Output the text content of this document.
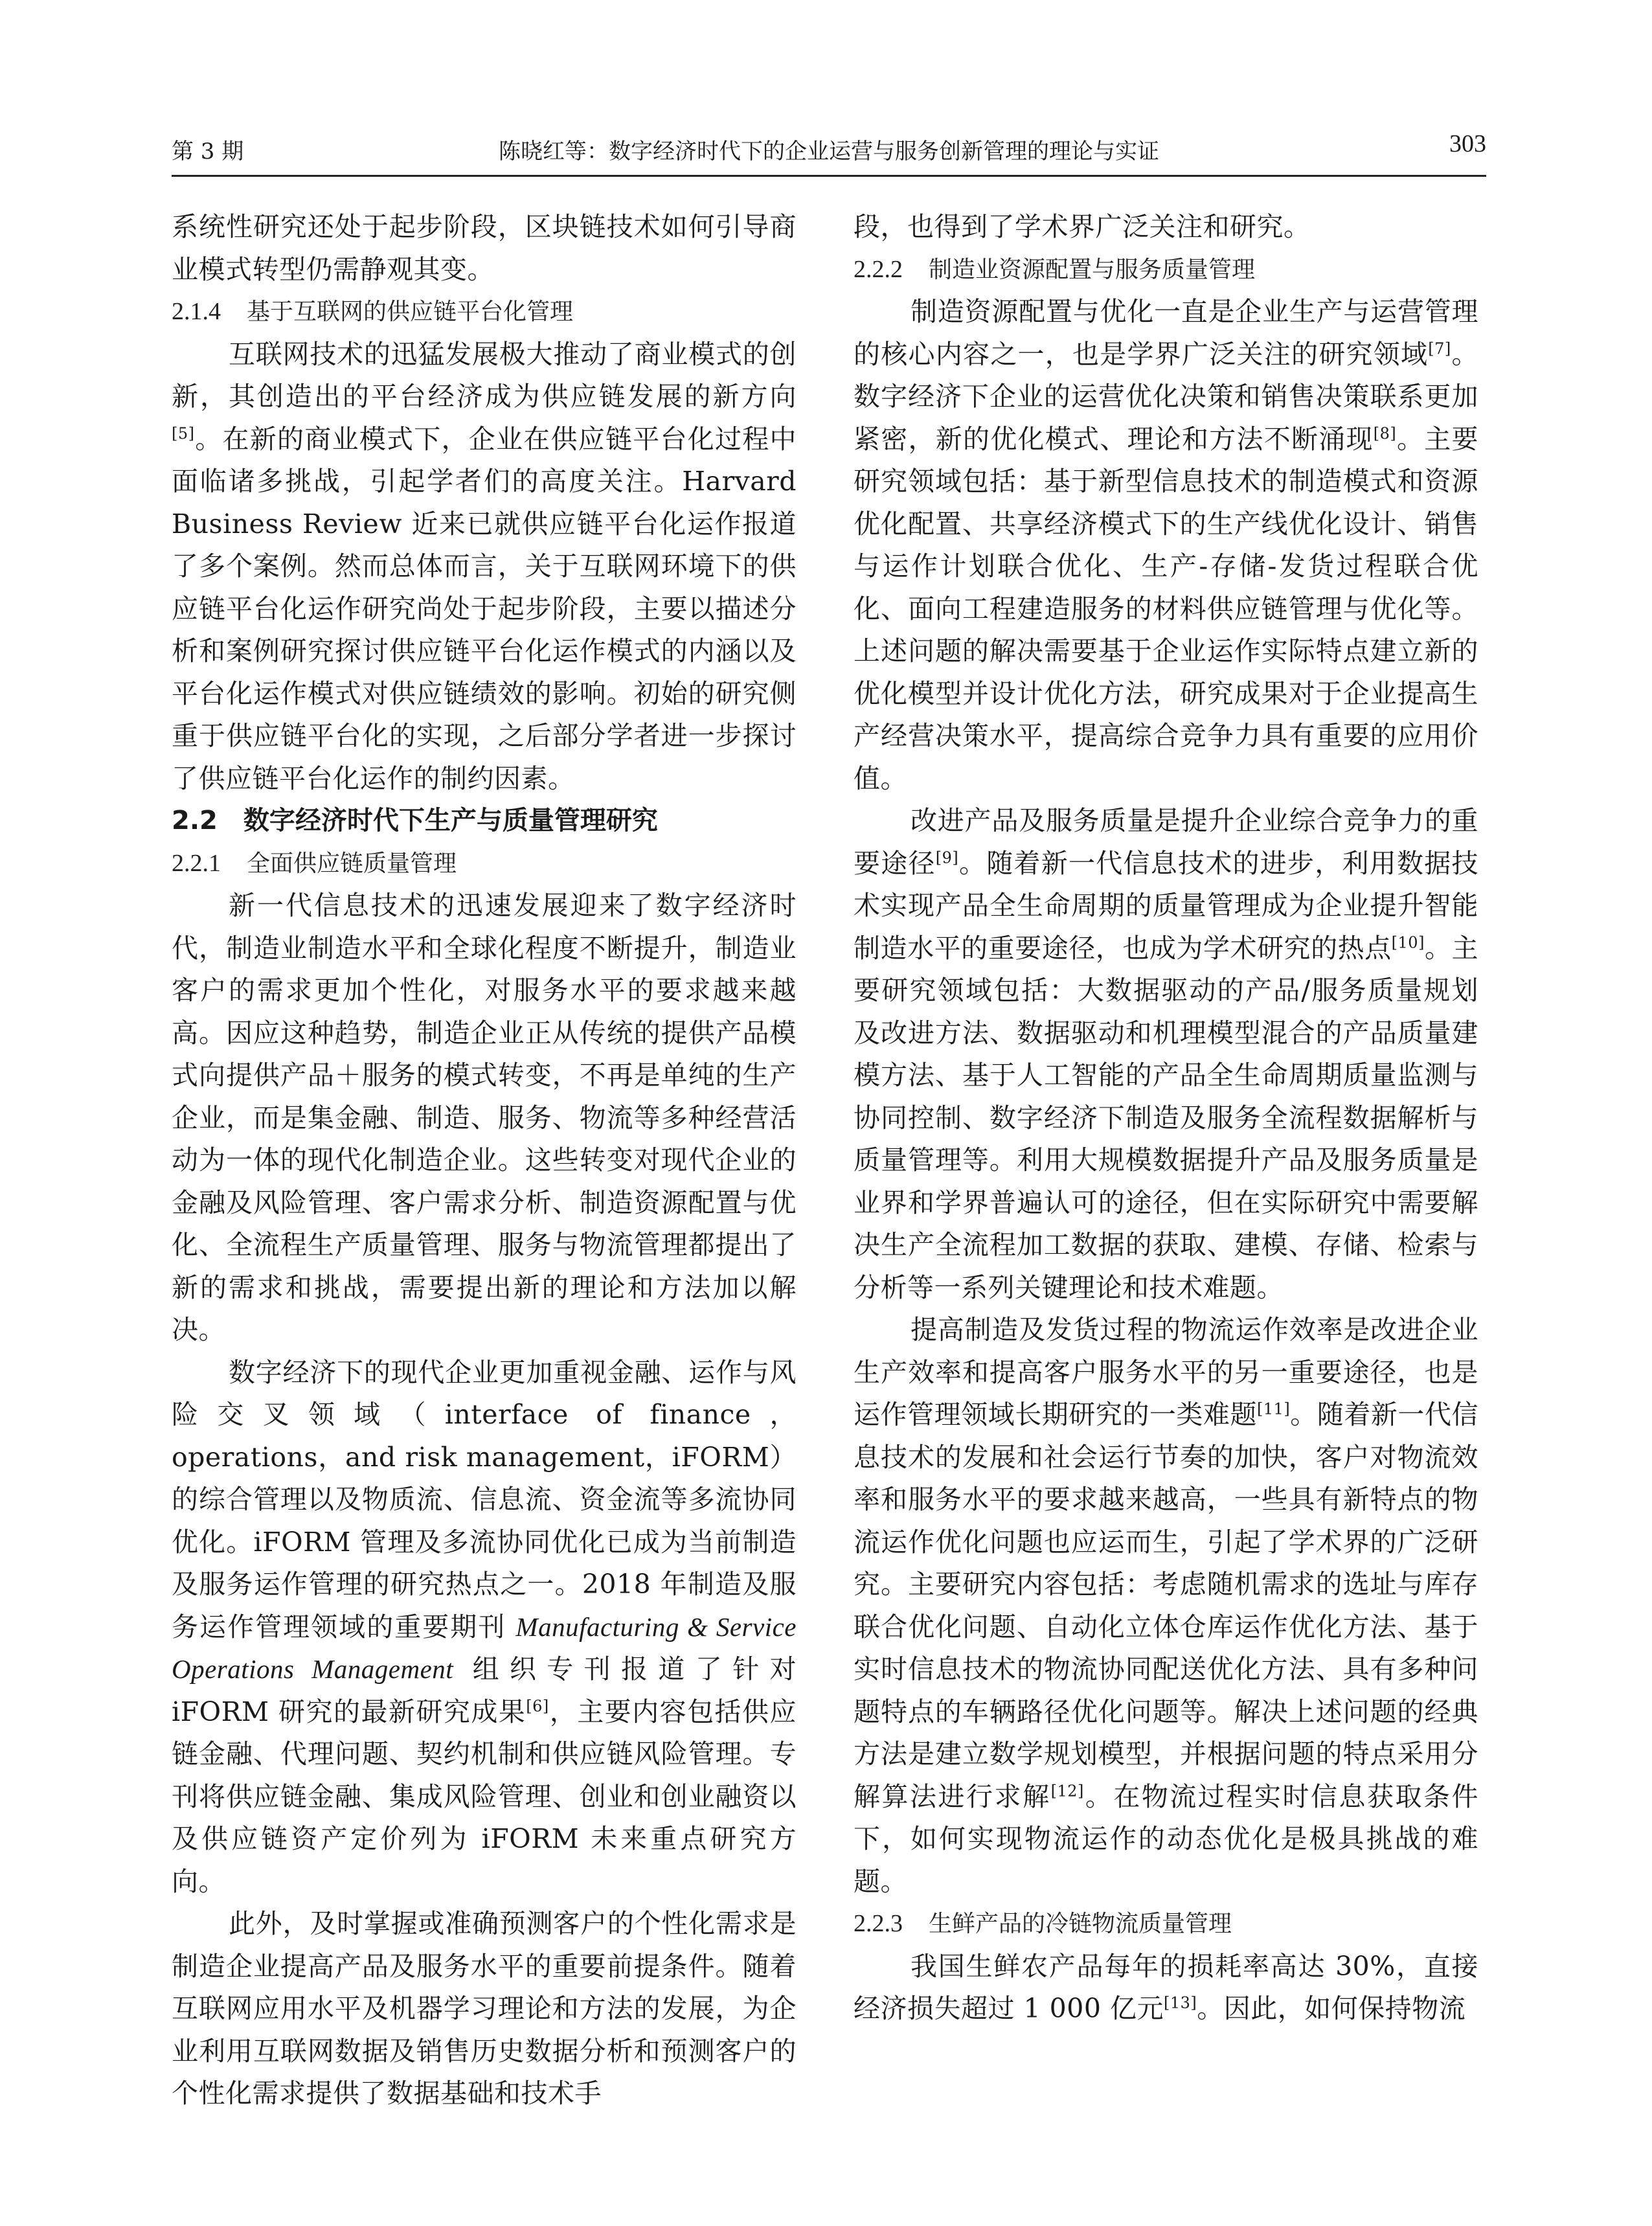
第 3 期	陈晓红等：数字经济时代下的企业运营与服务创新管理的理论与实证	303

系统性研究还处于起步阶段，区块链技术如何引导商业模式转型仍需静观其变。

2.1.4 基于互联网的供应链平台化管理

互联网技术的迅猛发展极大推动了商业模式的创新，其创造出的平台经济成为供应链发展的新方向[5]。在新的商业模式下，企业在供应链平台化过程中面临诸多挑战，引起学者们的高度关注。Harvard Business Review 近来已就供应链平台化运作报道了多个案例。然而总体而言，关于互联网环境下的供应链平台化运作研究尚处于起步阶段，主要以描述分析和案例研究探讨供应链平台化运作模式的内涵以及平台化运作模式对供应链绩效的影响。初始的研究侧重于供应链平台化的实现，之后部分学者进一步探讨了供应链平台化运作的制约因素。

2.2 数字经济时代下生产与质量管理研究

2.2.1 全面供应链质量管理

新一代信息技术的迅速发展迎来了数字经济时代，制造业制造水平和全球化程度不断提升，制造业客户的需求更加个性化，对服务水平的要求越来越高。因应这种趋势，制造企业正从传统的提供产品模式向提供产品＋服务的模式转变，不再是单纯的生产企业，而是集金融、制造、服务、物流等多种经营活动为一体的现代化制造企业。这些转变对现代企业的金融及风险管理、客户需求分析、制造资源配置与优化、全流程生产质量管理、服务与物流管理都提出了新的需求和挑战，需要提出新的理论和方法加以解决。

数字经济下的现代企业更加重视金融、运作与风险交叉领域（interface of finance，operations，and risk management，iFORM）的综合管理以及物质流、信息流、资金流等多流协同优化。iFORM 管理及多流协同优化已成为当前制造及服务运作管理的研究热点之一。2018 年制造及服务运作管理领域的重要期刊 Manufacturing & Service Operations Management 组织专刊报道了针对 iFORM 研究的最新研究成果[6]，主要内容包括供应链金融、代理问题、契约机制和供应链风险管理。专刊将供应链金融、集成风险管理、创业和创业融资以及供应链资产定价列为 iFORM 未来重点研究方向。

此外，及时掌握或准确预测客户的个性化需求是制造企业提高产品及服务水平的重要前提条件。随着互联网应用水平及机器学习理论和方法的发展，为企业利用互联网数据及销售历史数据分析和预测客户的个性化需求提供了数据基础和技术手

段，也得到了学术界广泛关注和研究。

2.2.2 制造业资源配置与服务质量管理

制造资源配置与优化一直是企业生产与运营管理的核心内容之一，也是学界广泛关注的研究领域[7]。数字经济下企业的运营优化决策和销售决策联系更加紧密，新的优化模式、理论和方法不断涌现[8]。主要研究领域包括：基于新型信息技术的制造模式和资源优化配置、共享经济模式下的生产线优化设计、销售与运作计划联合优化、生产-存储-发货过程联合优化、面向工程建造服务的材料供应链管理与优化等。上述问题的解决需要基于企业运作实际特点建立新的优化模型并设计优化方法，研究成果对于企业提高生产经营决策水平，提高综合竞争力具有重要的应用价值。

改进产品及服务质量是提升企业综合竞争力的重要途径[9]。随着新一代信息技术的进步，利用数据技术实现产品全生命周期的质量管理成为企业提升智能制造水平的重要途径，也成为学术研究的热点[10]。主要研究领域包括：大数据驱动的产品/服务质量规划及改进方法、数据驱动和机理模型混合的产品质量建模方法、基于人工智能的产品全生命周期质量监测与协同控制、数字经济下制造及服务全流程数据解析与质量管理等。利用大规模数据提升产品及服务质量是业界和学界普遍认可的途径，但在实际研究中需要解决生产全流程加工数据的获取、建模、存储、检索与分析等一系列关键理论和技术难题。

提高制造及发货过程的物流运作效率是改进企业生产效率和提高客户服务水平的另一重要途径，也是运作管理领域长期研究的一类难题[11]。随着新一代信息技术的发展和社会运行节奏的加快，客户对物流效率和服务水平的要求越来越高，一些具有新特点的物流运作优化问题也应运而生，引起了学术界的广泛研究。主要研究内容包括：考虑随机需求的选址与库存联合优化问题、自动化立体仓库运作优化方法、基于实时信息技术的物流协同配送优化方法、具有多种问题特点的车辆路径优化问题等。解决上述问题的经典方法是建立数学规划模型，并根据问题的特点采用分解算法进行求解[12]。在物流过程实时信息获取条件下，如何实现物流运作的动态优化是极具挑战的难题。

2.2.3 生鲜产品的冷链物流质量管理

我国生鲜农产品每年的损耗率高达 30%，直接经济损失超过 1 000 亿元[13]。因此，如何保持物流
